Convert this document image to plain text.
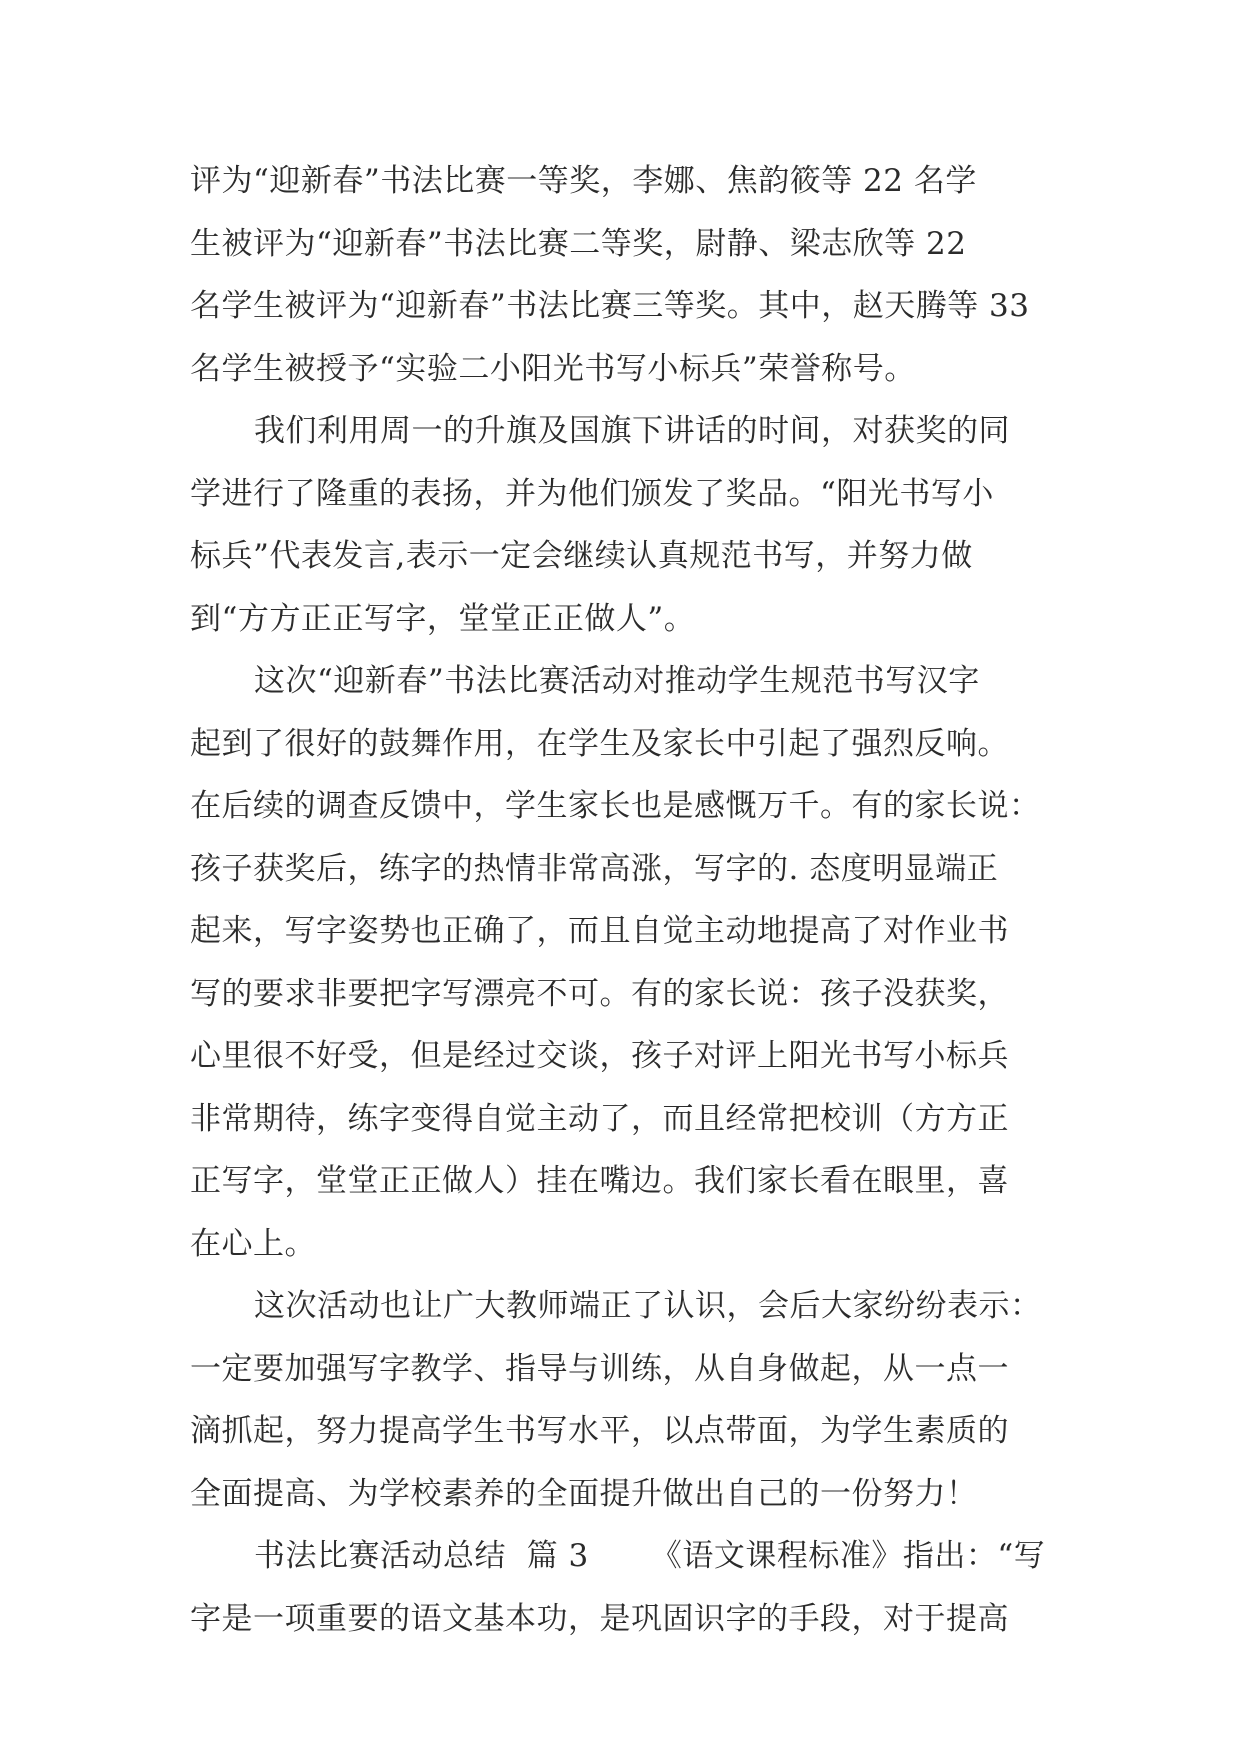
评为“迎新春”书法比赛一等奖，李娜、焦韵筱等 22 名学
生被评为“迎新春”书法比赛二等奖，尉静、梁志欣等 22
名学生被评为“迎新春”书法比赛三等奖。其中，赵天腾等 33
名学生被授予“实验二小阳光书写小标兵”荣誉称号。
我们利用周一的升旗及国旗下讲话的时间，对获奖的同
学进行了隆重的表扬，并为他们颁发了奖品。“阳光书写小
标兵”代表发言,表示一定会继续认真规范书写，并努力做
到“方方正正写字，堂堂正正做人”。
这次“迎新春”书法比赛活动对推动学生规范书写汉字
起到了很好的鼓舞作用，在学生及家长中引起了强烈反响。
在后续的调查反馈中，学生家长也是感慨万千。有的家长说：
孩子获奖后，练字的热情非常高涨，写字的. 态度明显端正
起来，写字姿势也正确了，而且自觉主动地提高了对作业书
写的要求非要把字写漂亮不可。有的家长说：孩子没获奖，
心里很不好受，但是经过交谈，孩子对评上阳光书写小标兵
非常期待，练字变得自觉主动了，而且经常把校训（方方正
正写字，堂堂正正做人）挂在嘴边。我们家长看在眼里，喜
在心上。
这次活动也让广大教师端正了认识，会后大家纷纷表示：
一定要加强写字教学、指导与训练，从自身做起，从一点一
滴抓起，努力提高学生书写水平，以点带面，为学生素质的
全面提高、为学校素养的全面提升做出自己的一份努力！
书法比赛活动总结  篇 3      《语文课程标准》指出：“写
字是一项重要的语文基本功，是巩固识字的手段，对于提高
